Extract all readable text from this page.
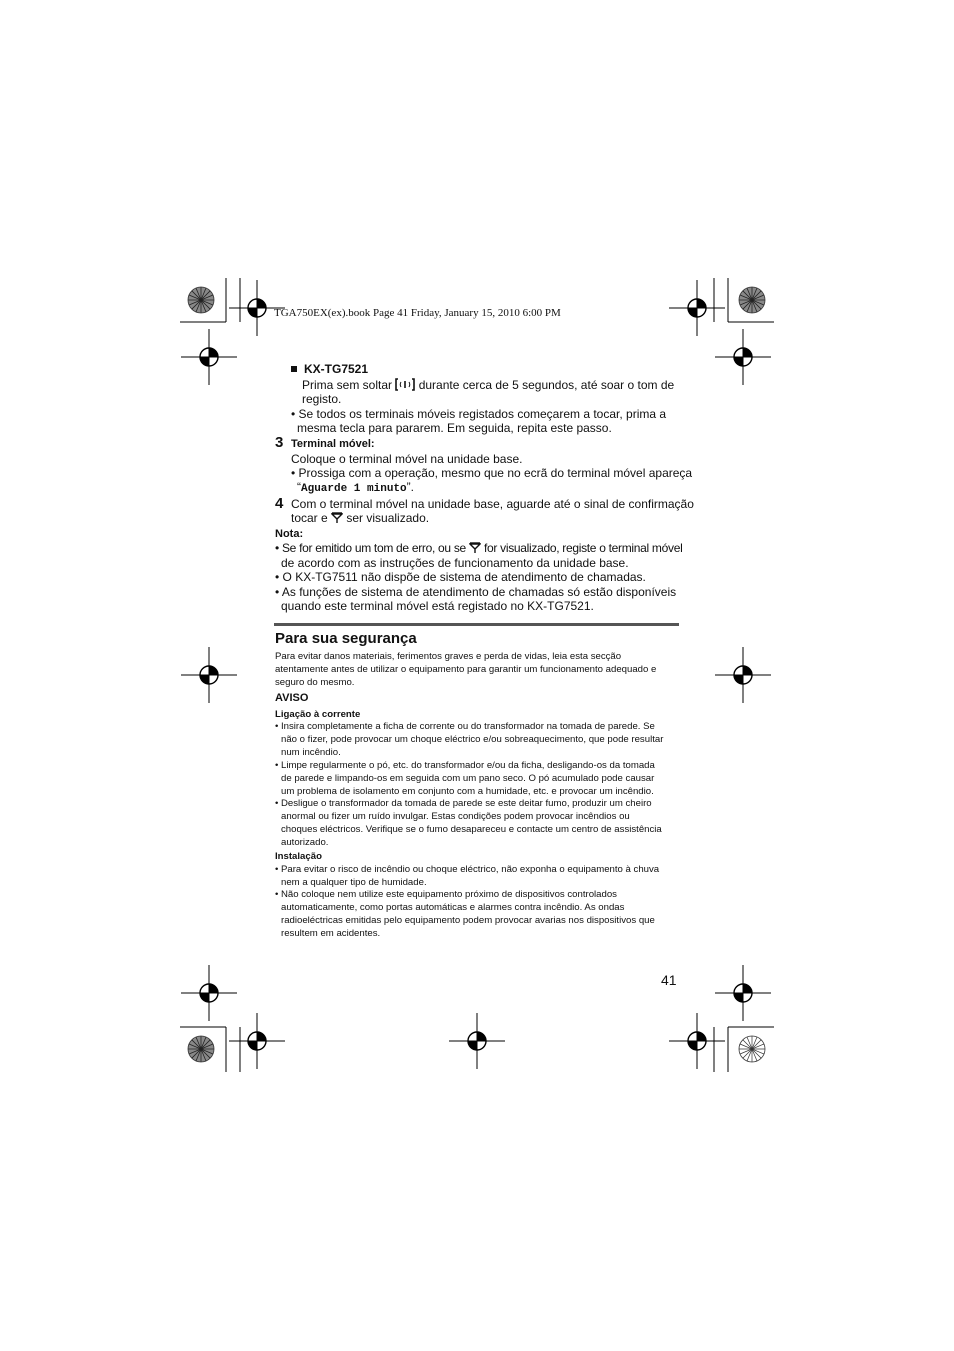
TGA750EX(ex).book Page 41 Friday, January 15, 2010 6:00 PM
KX-TG7521
Prima sem soltar  durante cerca de 5 segundos, até soar o tom de
registo.
• Se todos os terminais móveis registados começarem a tocar, prima a
mesma tecla para pararem. Em seguida, repita este passo.
3 Terminal móvel:
Coloque o terminal móvel na unidade base.
• Prossiga com a operação, mesmo que no ecrã do terminal móvel apareça
“Aguarde 1 minuto”.
4 Com o terminal móvel na unidade base, aguarde até o sinal de confirmação
tocar e  ser visualizado.
Nota:
• Se for emitido um tom de erro, ou se  for visualizado, registe o terminal móvel
de acordo com as instruções de funcionamento da unidade base.
• O KX-TG7511 não dispõe de sistema de atendimento de chamadas.
• As funções de sistema de atendimento de chamadas só estão disponíveis
quando este terminal móvel está registado no KX-TG7521.
Para sua segurança
Para evitar danos materiais, ferimentos graves e perda de vidas, leia esta secção
atentamente antes de utilizar o equipamento para garantir um funcionamento adequado e
seguro do mesmo.
AVISO
Ligação à corrente
• Insira completamente a ficha de corrente ou do transformador na tomada de parede. Se
não o fizer, pode provocar um choque eléctrico e/ou sobreaquecimento, que pode resultar
num incêndio.
• Limpe regularmente o pó, etc. do transformador e/ou da ficha, desligando-os da tomada
de parede e limpando-os em seguida com um pano seco. O pó acumulado pode causar
um problema de isolamento em conjunto com a humidade, etc. e provocar um incêndio.
• Desligue o transformador da tomada de parede se este deitar fumo, produzir um cheiro
anormal ou fizer um ruído invulgar. Estas condições podem provocar incêndios ou
choques eléctricos. Verifique se o fumo desapareceu e contacte um centro de assistência
autorizado.
Instalação
• Para evitar o risco de incêndio ou choque eléctrico, não exponha o equipamento à chuva
nem a qualquer tipo de humidade.
• Não coloque nem utilize este equipamento próximo de dispositivos controlados
automaticamente, como portas automáticas e alarmes contra incêndio. As ondas
radioeléctricas emitidas pelo equipamento podem provocar avarias nos dispositivos que
resultem em acidentes.
41
